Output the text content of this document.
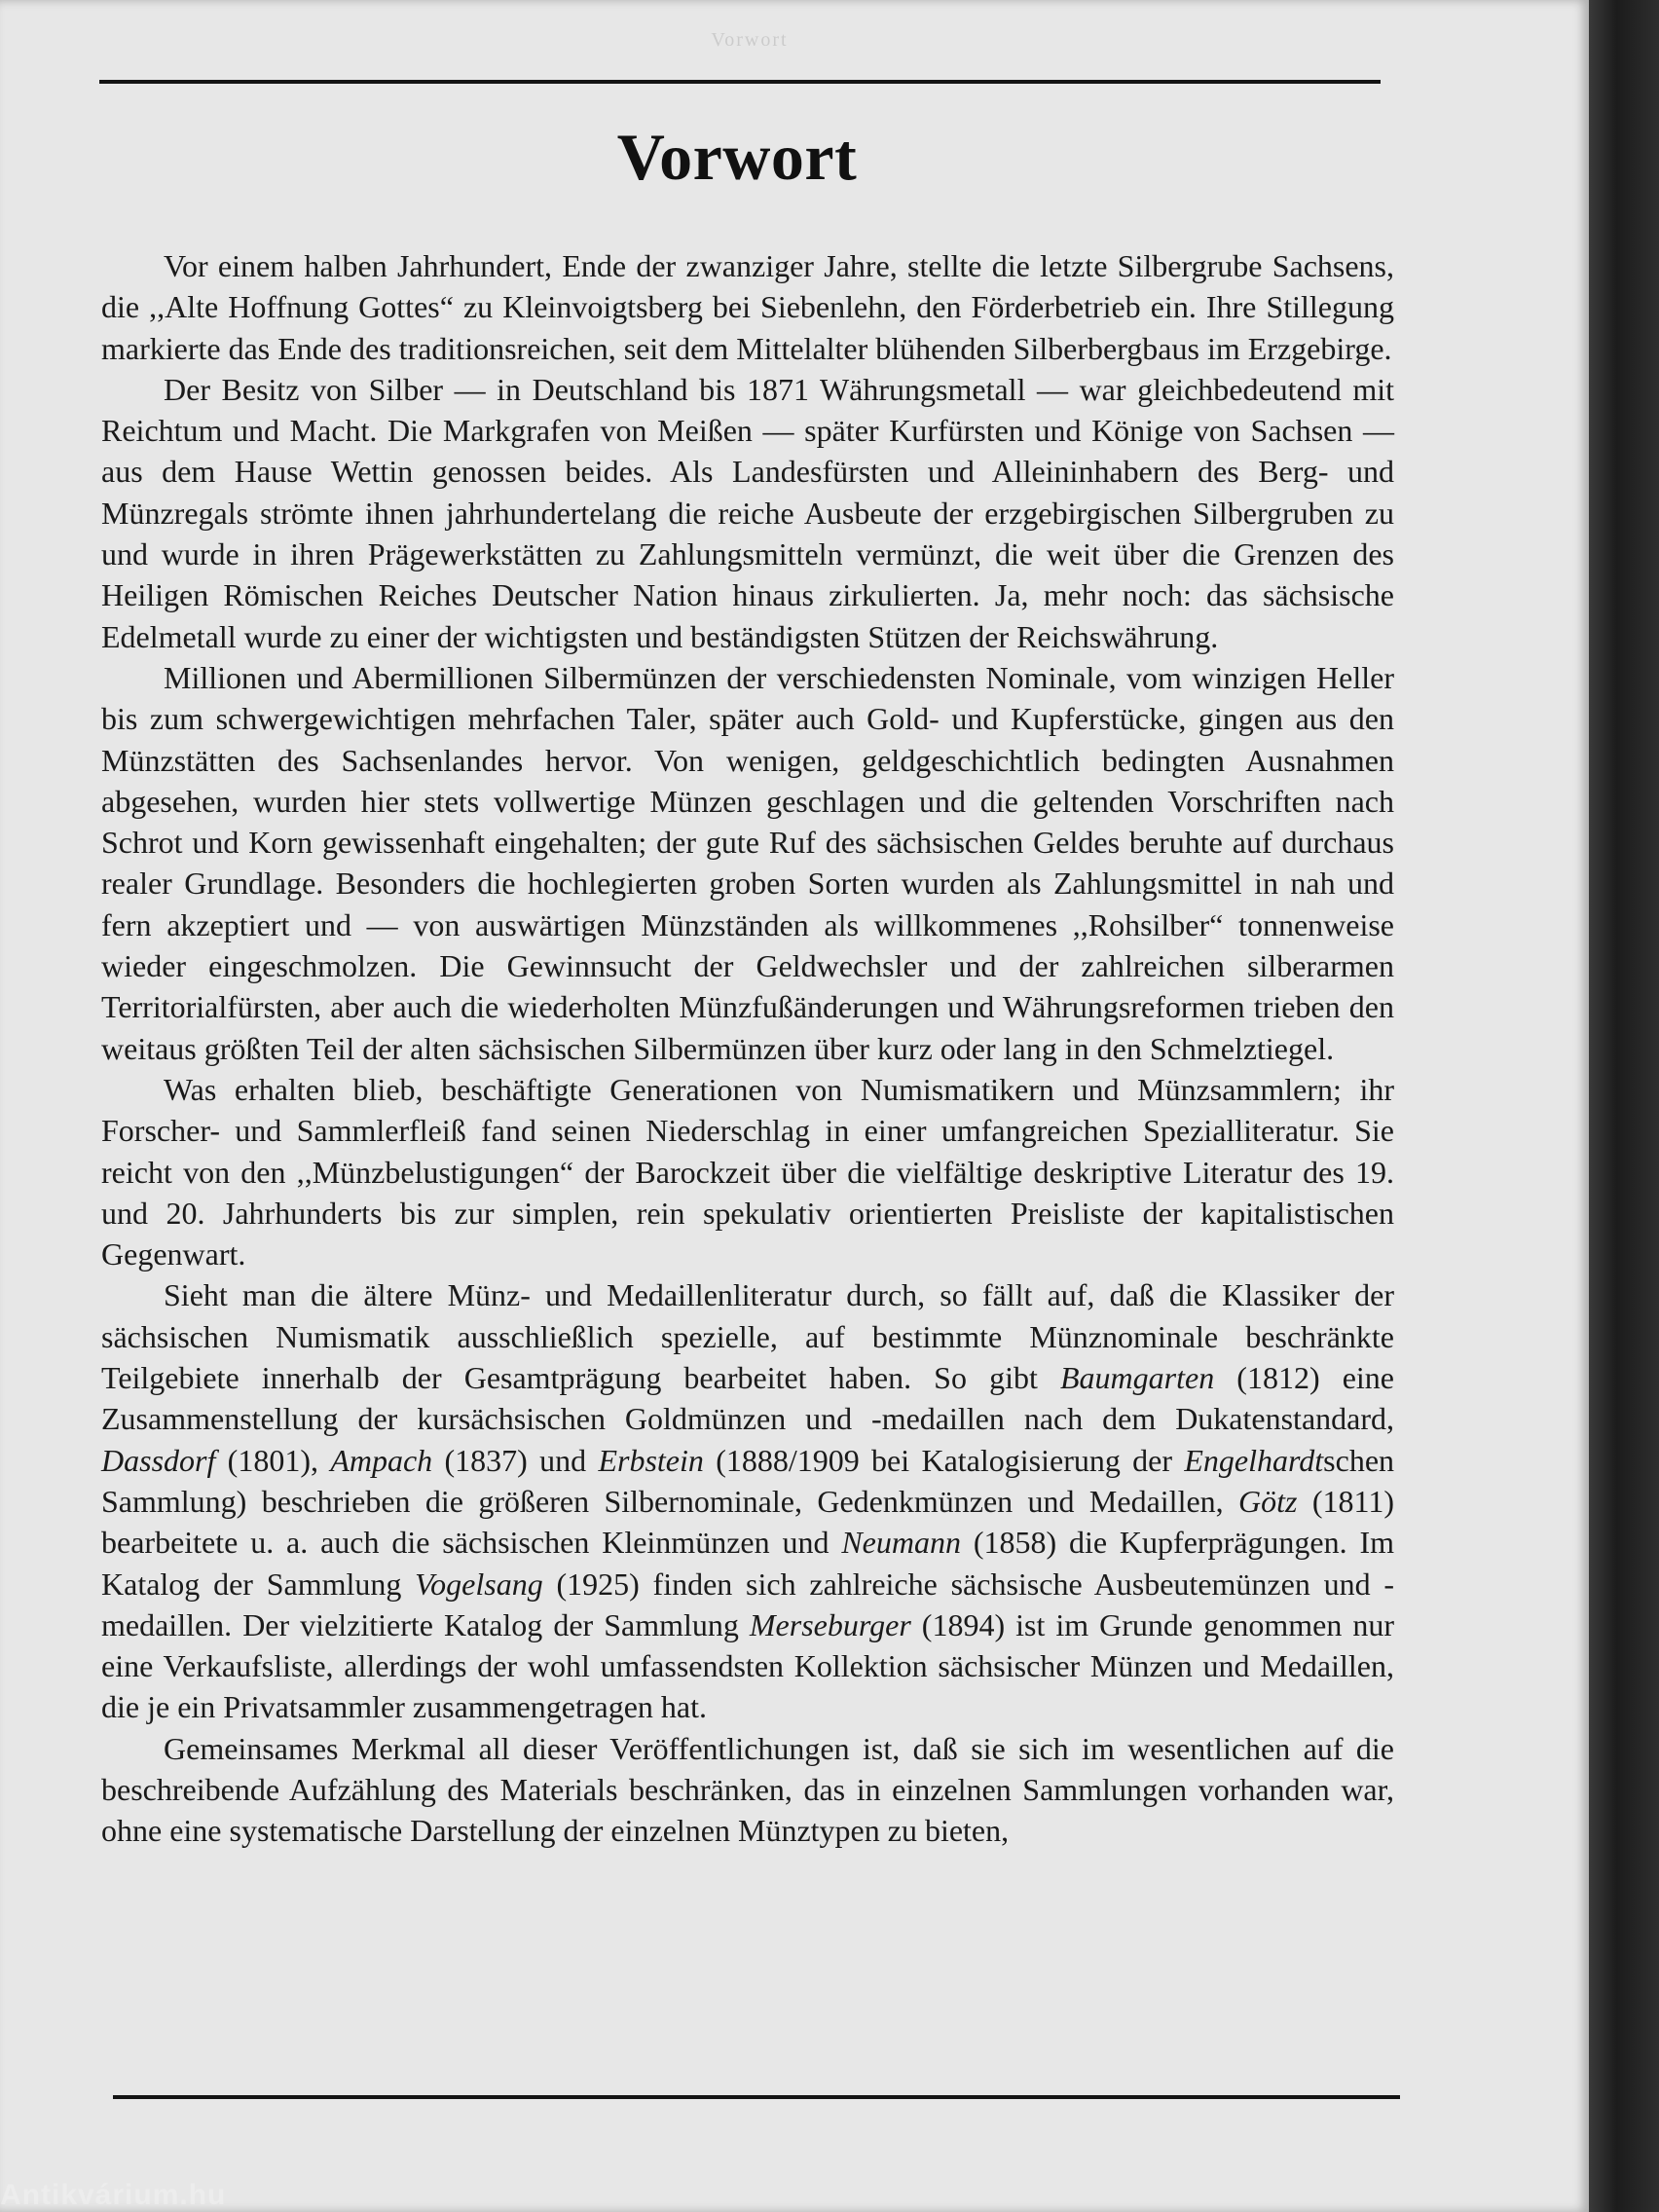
Vorwort
Vorwort

Vor einem halben Jahrhundert, Ende der zwanziger Jahre, stellte die letzte Silbergrube Sachsens, die ,,Alte Hoffnung Gottes“ zu Kleinvoigtsberg bei Siebenlehn, den Förderbetrieb ein. Ihre Stillegung markierte das Ende des traditionsreichen, seit dem Mittelalter blühenden Silberbergbaus im Erzgebirge.

Der Besitz von Silber — in Deutschland bis 1871 Währungsmetall — war gleichbedeutend mit Reichtum und Macht. Die Markgrafen von Meißen — später Kurfürsten und Könige von Sachsen — aus dem Hause Wettin genossen beides. Als Landesfürsten und Alleininhabern des Berg- und Münzregals strömte ihnen jahrhundertelang die reiche Ausbeute der erzgebirgischen Silbergruben zu und wurde in ihren Prägewerkstätten zu Zahlungsmitteln vermünzt, die weit über die Grenzen des Heiligen Römischen Reiches Deutscher Nation hinaus zirkulierten. Ja, mehr noch: das sächsische Edelmetall wurde zu einer der wichtigsten und beständigsten Stützen der Reichswährung.

Millionen und Abermillionen Silbermünzen der verschiedensten Nominale, vom winzigen Heller bis zum schwergewichtigen mehrfachen Taler, später auch Gold- und Kupferstücke, gingen aus den Münzstätten des Sachsenlandes hervor. Von wenigen, geldgeschichtlich bedingten Ausnahmen abgesehen, wurden hier stets vollwertige Münzen geschlagen und die geltenden Vorschriften nach Schrot und Korn gewissenhaft eingehalten; der gute Ruf des sächsischen Geldes beruhte auf durchaus realer Grundlage. Besonders die hochlegierten groben Sorten wurden als Zahlungsmittel in nah und fern akzeptiert und — von auswärtigen Münzständen als willkommenes ,,Rohsilber“ tonnenweise wieder eingeschmolzen. Die Gewinnsucht der Geldwechsler und der zahlreichen silberarmen Territorialfürsten, aber auch die wiederholten Münzfußänderungen und Währungsreformen trieben den weitaus größten Teil der alten sächsischen Silbermünzen über kurz oder lang in den Schmelztiegel.

Was erhalten blieb, beschäftigte Generationen von Numismatikern und Münzsammlern; ihr Forscher- und Sammlerfleiß fand seinen Niederschlag in einer umfangreichen Spezialliteratur. Sie reicht von den ,,Münzbelustigungen“ der Barockzeit über die vielfältige deskriptive Literatur des 19. und 20. Jahrhunderts bis zur simplen, rein spekulativ orientierten Preisliste der kapitalistischen Gegenwart.

Sieht man die ältere Münz- und Medaillenliteratur durch, so fällt auf, daß die Klassiker der sächsischen Numismatik ausschließlich spezielle, auf bestimmte Münznominale beschränkte Teilgebiete innerhalb der Gesamtprägung bearbeitet haben. So gibt Baumgarten (1812) eine Zusammenstellung der kursächsischen Goldmünzen und -medaillen nach dem Dukatenstandard, Dassdorf (1801), Ampach (1837) und Erbstein (1888/1909 bei Katalogisierung der Engelhardtschen Sammlung) beschrieben die größeren Silbernominale, Gedenkmünzen und Medaillen, Götz (1811) bearbeitete u. a. auch die sächsischen Kleinmünzen und Neumann (1858) die Kupferprägungen. Im Katalog der Sammlung Vogelsang (1925) finden sich zahlreiche sächsische Ausbeutemünzen und -medaillen. Der vielzitierte Katalog der Sammlung Merseburger (1894) ist im Grunde genommen nur eine Verkaufsliste, allerdings der wohl umfassendsten Kollektion sächsischer Münzen und Medaillen, die je ein Privatsammler zusammengetragen hat.

Gemeinsames Merkmal all dieser Veröffentlichungen ist, daß sie sich im wesentlichen auf die beschreibende Aufzählung des Materials beschränken, das in einzelnen Sammlungen vorhanden war, ohne eine systematische Darstellung der einzelnen Münztypen zu bieten,

Antikvárium.hu
